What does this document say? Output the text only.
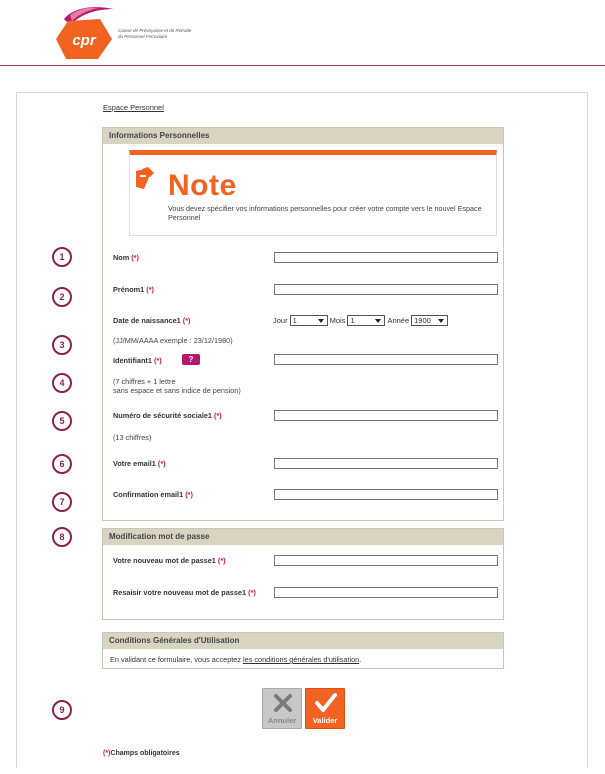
cpr
Caisse de Prévoyance et de Retraite
du Personnel Ferroviaire
Espace Personnel
Informations Personnelles
Note
Vous devez spécifier vos informations personnelles pour créer votre compte vers le nouvel Espace Personnel
1
2
3
4
5
6
7
8
9
Nom (*)
Prénom1 (*)
Date de naissance1 (*)	Jour 1	Mois 1	Année 1900
(JJ/MM/AAAA exemple : 23/12/1980)
Identifiant1 (*)	?
(7 chiffres + 1 lettre
sans espace et sans indice de pension)
Numéro de sécurité sociale1 (*)
(13 chiffres)
Votre email1 (*)
Confirmation email1 (*)
Modification mot de passe
Votre nouveau mot de passe1 (*)
Resaisir votre nouveau mot de passe1 (*)
Conditions Générales d'Utilisation
En validant ce formulaire, vous acceptez les conditions générales d'utilisation.
Annuler	Valider
(*)Champs obligatoires
